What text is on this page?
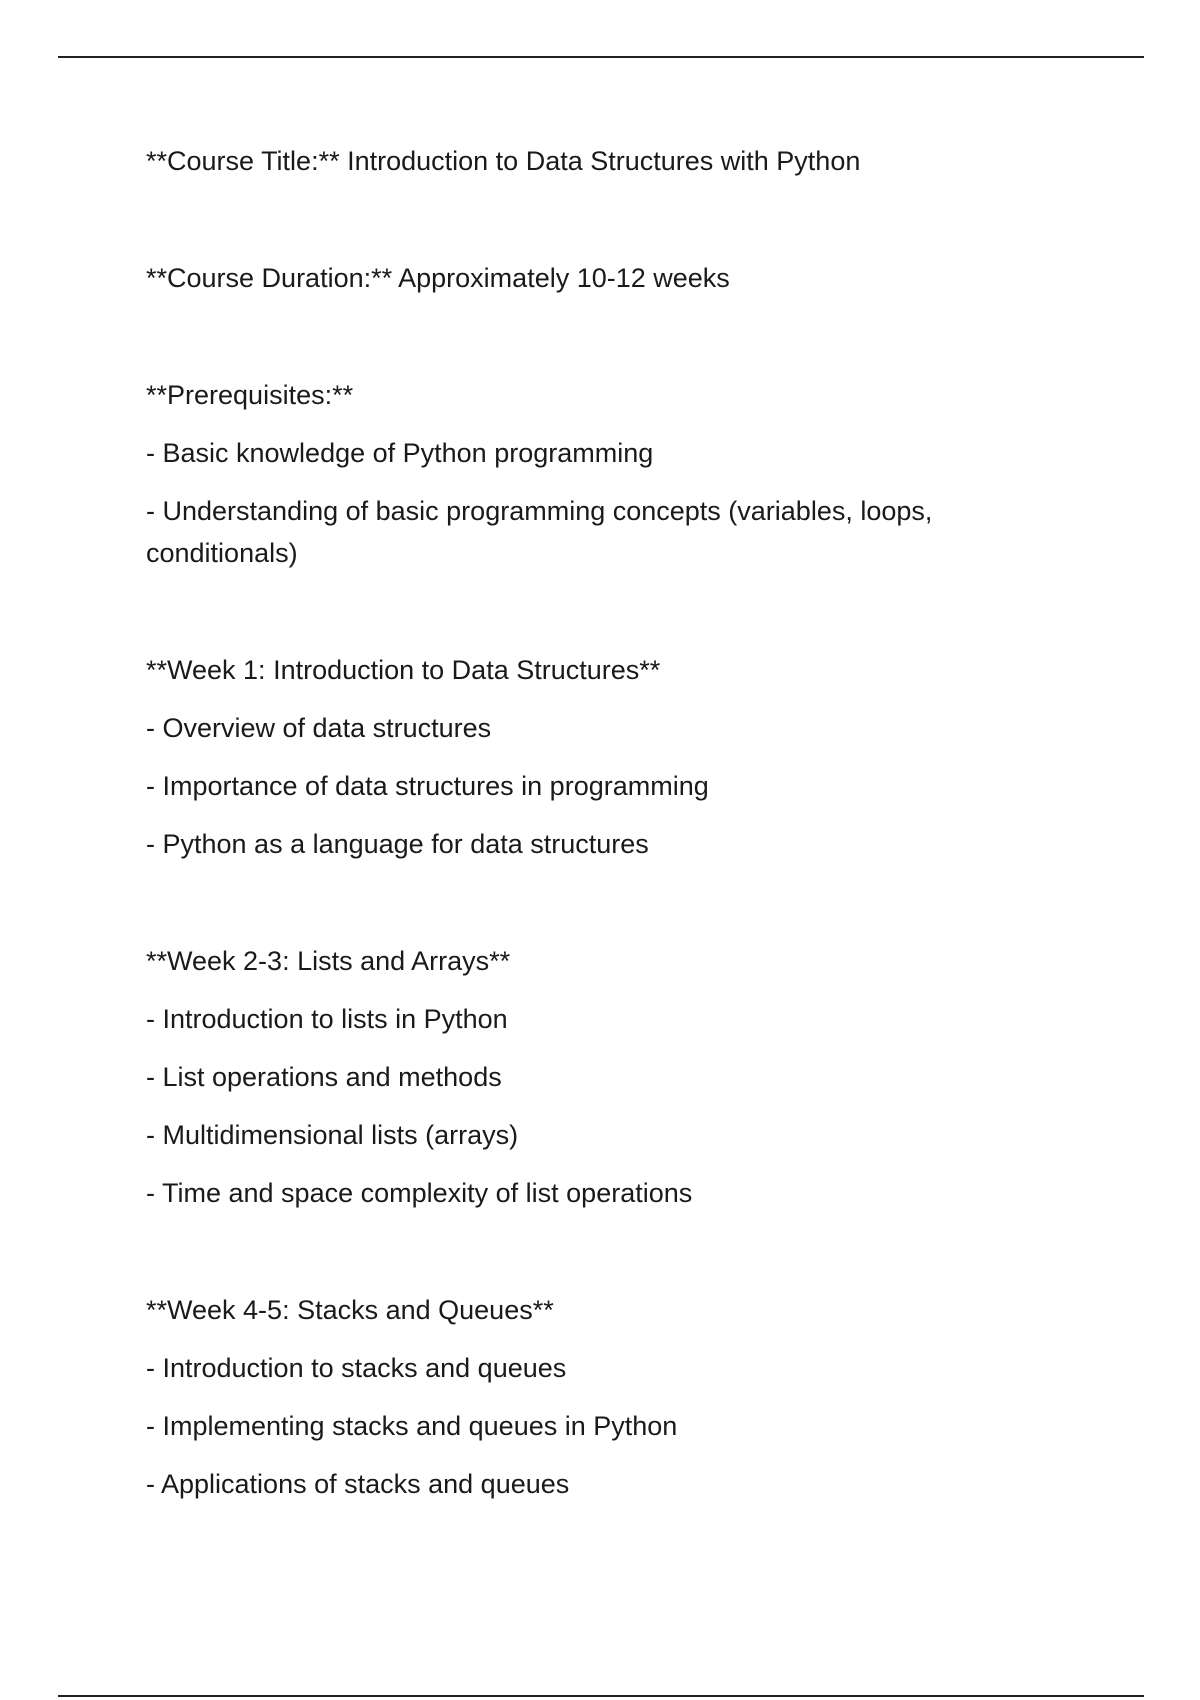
**Course Title:** Introduction to Data Structures with Python

**Course Duration:** Approximately 10-12 weeks

**Prerequisites:**

- Basic knowledge of Python programming

- Understanding of basic programming concepts (variables, loops, conditionals)

**Week 1: Introduction to Data Structures**

- Overview of data structures

- Importance of data structures in programming

- Python as a language for data structures

**Week 2-3: Lists and Arrays**

- Introduction to lists in Python

- List operations and methods

- Multidimensional lists (arrays)

- Time and space complexity of list operations

**Week 4-5: Stacks and Queues**

- Introduction to stacks and queues

- Implementing stacks and queues in Python

- Applications of stacks and queues
